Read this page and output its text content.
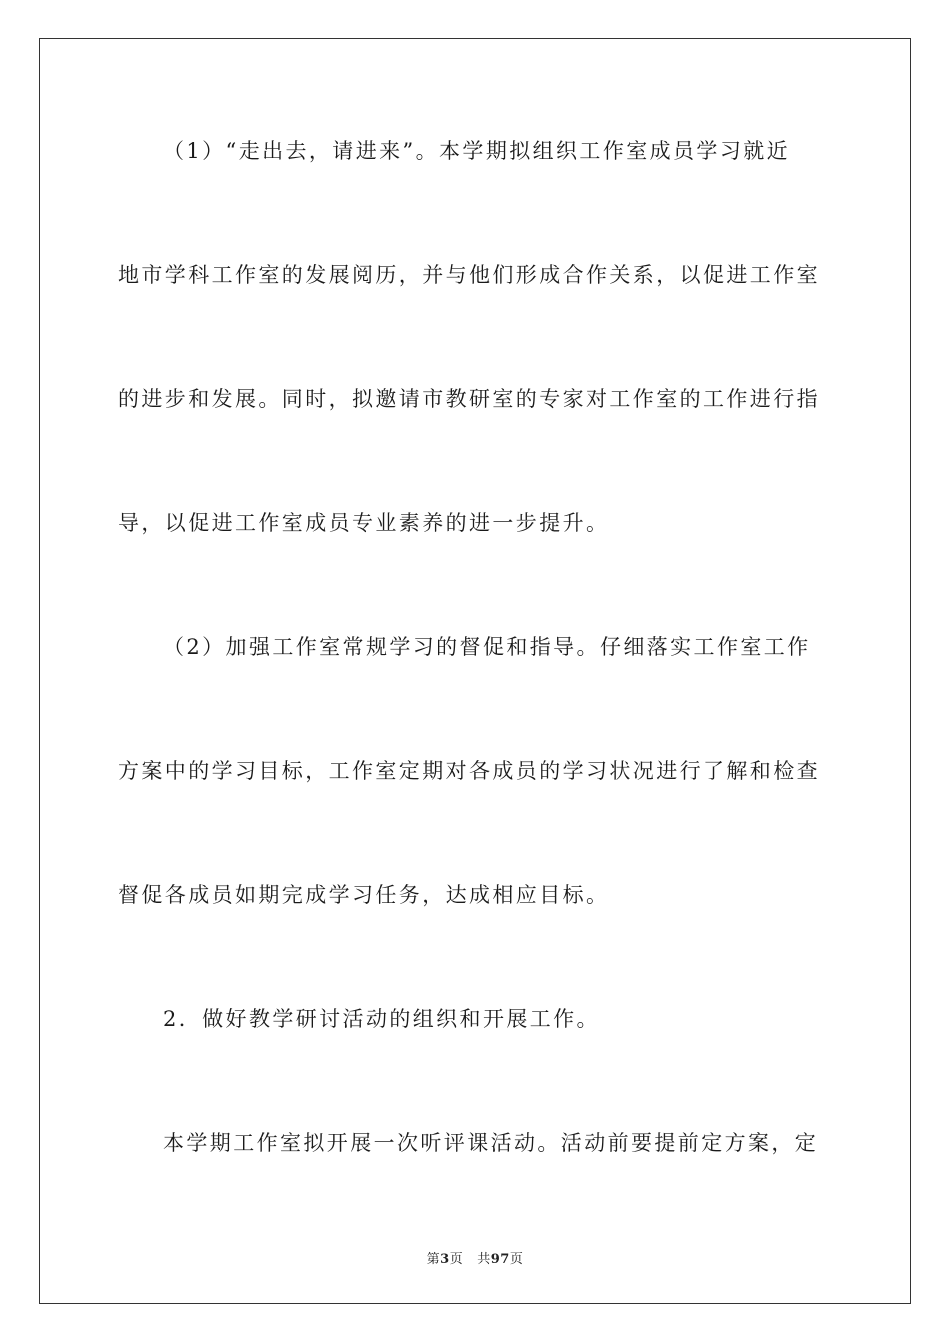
（1）“走出去，请进来”。本学期拟组织工作室成员学习就近
地市学科工作室的发展阅历，并与他们形成合作关系，以促进工作室
的进步和发展。同时，拟邀请市教研室的专家对工作室的工作进行指
导，以促进工作室成员专业素养的进一步提升。
（2）加强工作室常规学习的督促和指导。仔细落实工作室工作
方案中的学习目标，工作室定期对各成员的学习状况进行了解和检查
督促各成员如期完成学习任务，达成相应目标。
2．做好教学研讨活动的组织和开展工作。
本学期工作室拟开展一次听评课活动。活动前要提前定方案，定
第3页 共97页
